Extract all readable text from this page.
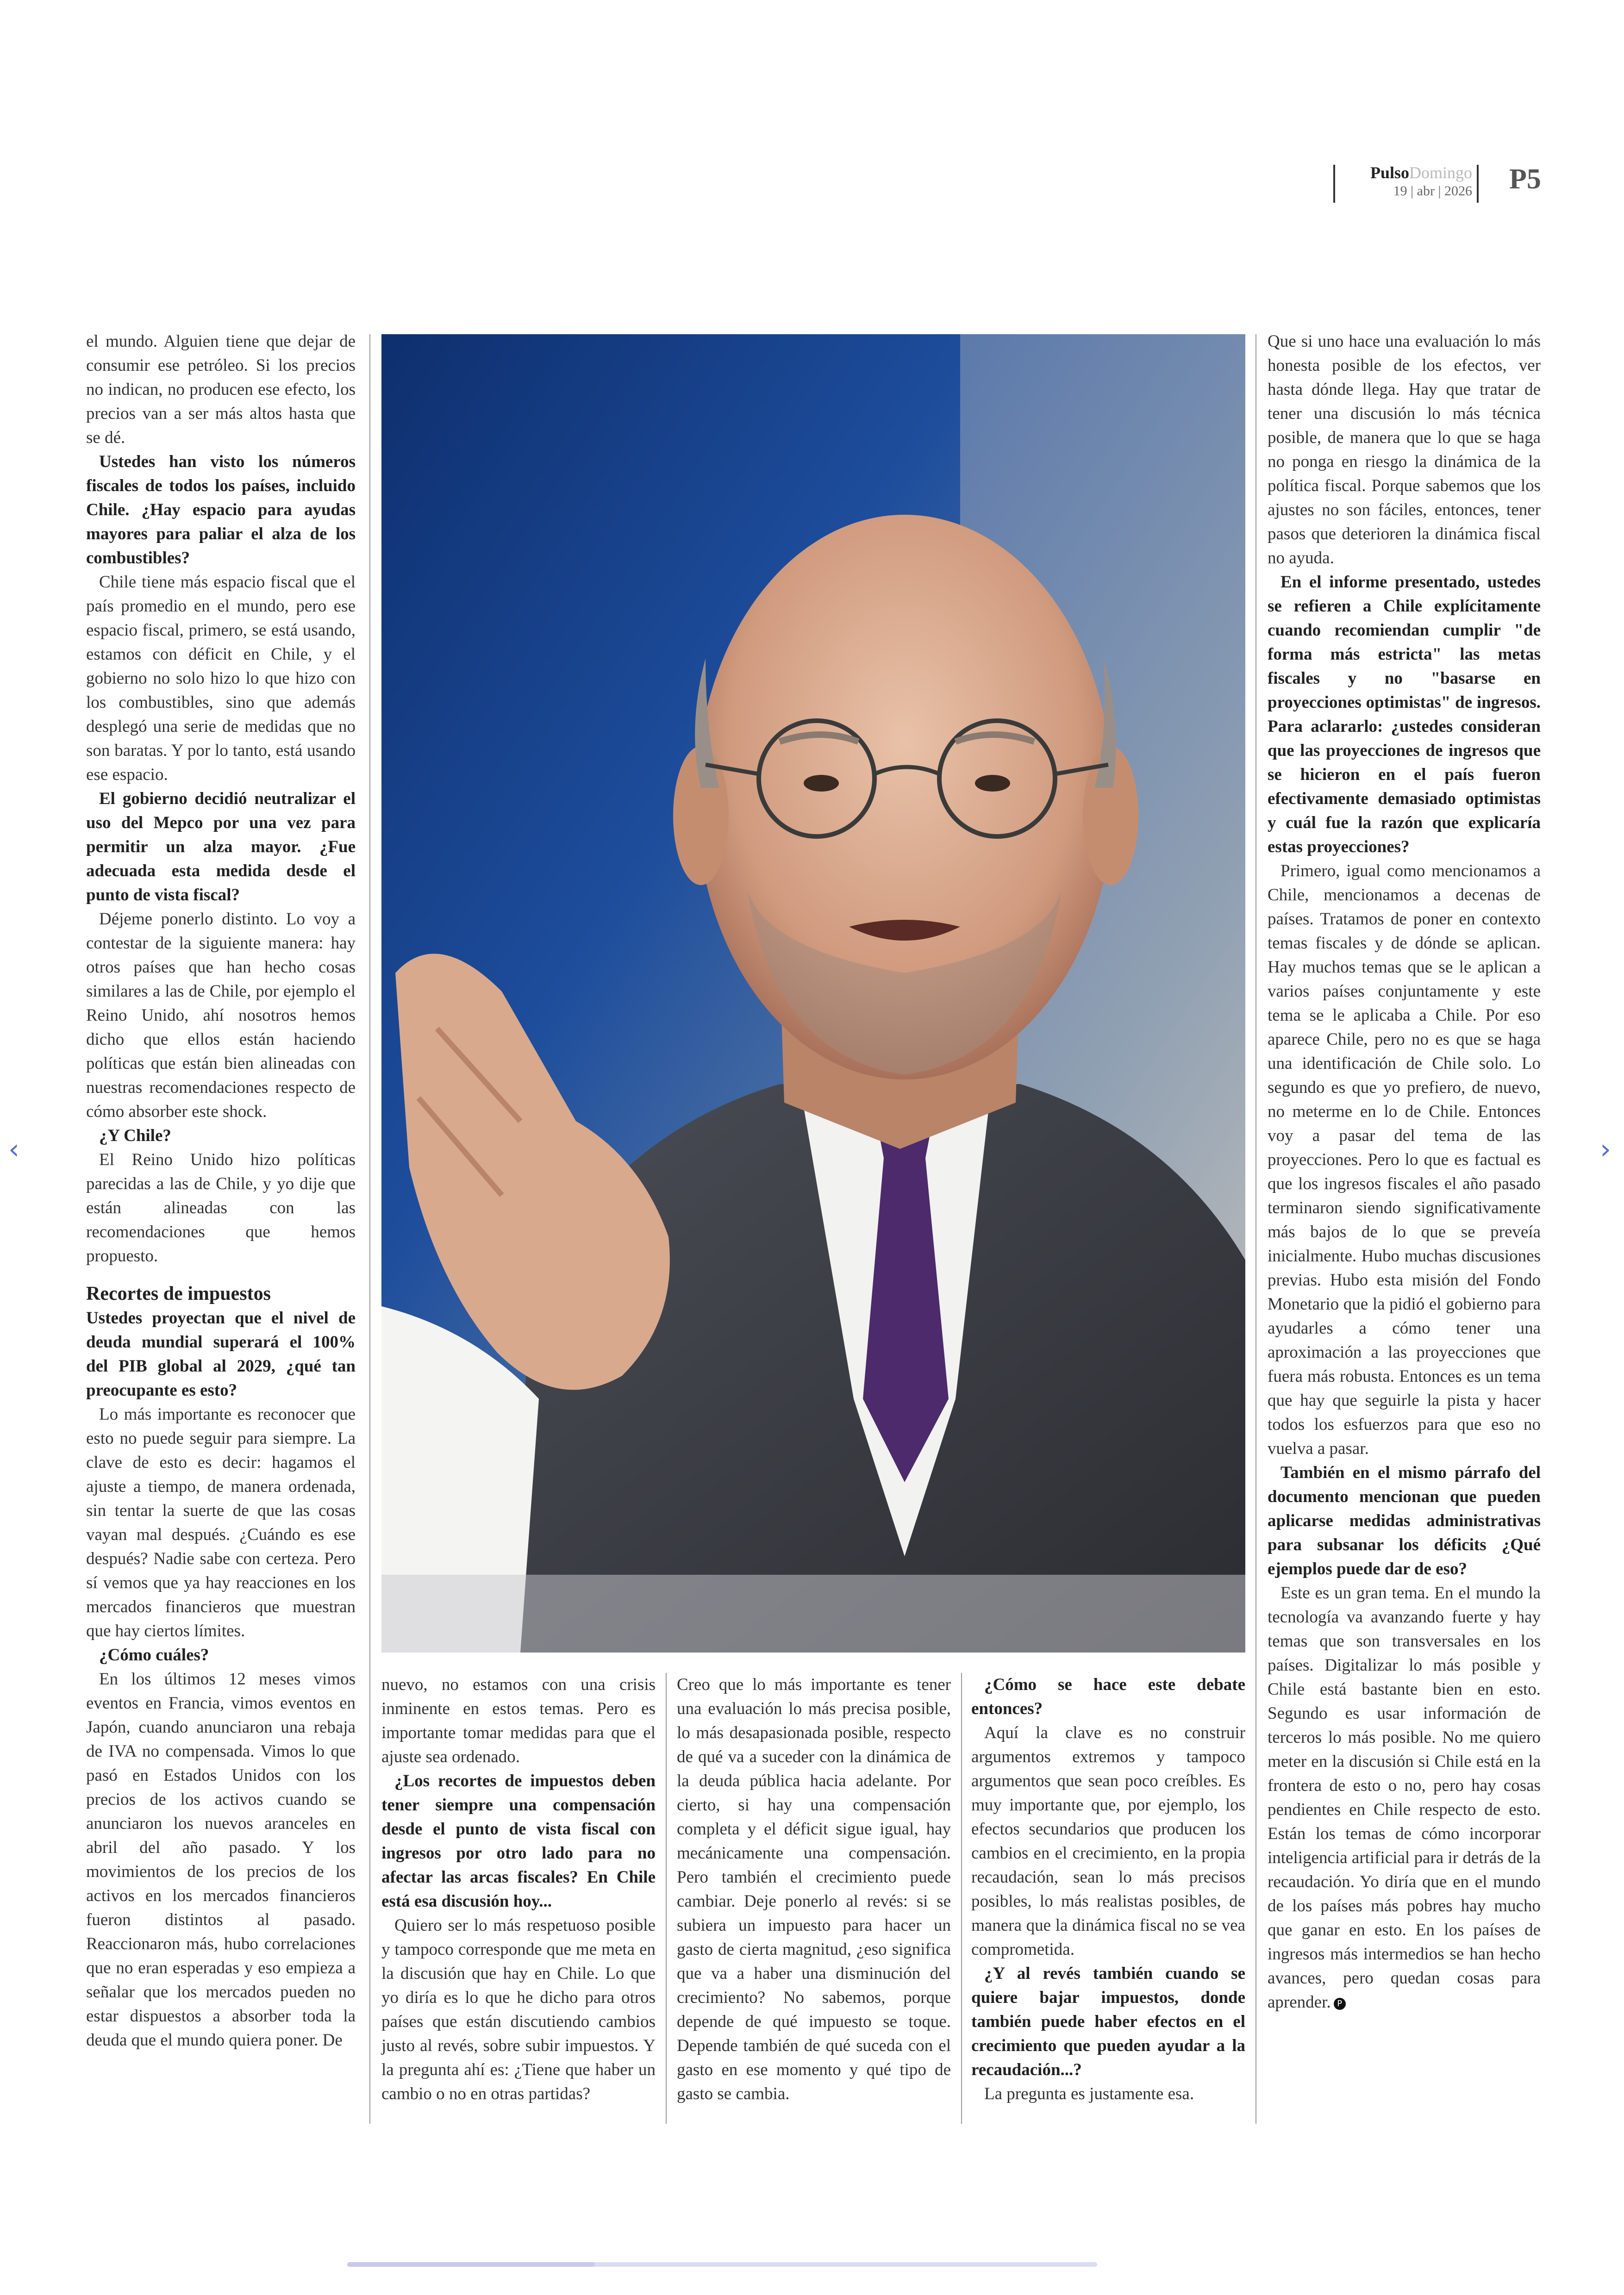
PulsoDomingo
19 | abr | 2026 P5

el mundo. Alguien tiene que dejar de consumir ese petróleo. Si los precios no indican, no producen ese efecto, los precios van a ser más altos hasta que se dé.

Ustedes han visto los números fiscales de todos los países, incluido Chile. ¿Hay espacio para ayudas mayores para paliar el alza de los combustibles?

Chile tiene más espacio fiscal que el país promedio en el mundo, pero ese espacio fiscal, primero, se está usando, estamos con déficit en Chile, y el gobierno no solo hizo lo que hizo con los combustibles, sino que además desplegó una serie de medidas que no son baratas. Y por lo tanto, está usando ese espacio.

El gobierno decidió neutralizar el uso del Mepco por una vez para permitir un alza mayor. ¿Fue adecuada esta medida desde el punto de vista fiscal?

Déjeme ponerlo distinto. Lo voy a contestar de la siguiente manera: hay otros países que han hecho cosas similares a las de Chile, por ejemplo el Reino Unido, ahí nosotros hemos dicho que ellos están haciendo políticas que están bien alineadas con nuestras recomendaciones respecto de cómo absorber este shock.

¿Y Chile?

El Reino Unido hizo políticas parecidas a las de Chile, y yo dije que están alineadas con las recomendaciones que hemos propuesto.

Recortes de impuestos

Ustedes proyectan que el nivel de deuda mundial superará el 100% del PIB global al 2029, ¿qué tan preocupante es esto?

Lo más importante es reconocer que esto no puede seguir para siempre. La clave de esto es decir: hagamos el ajuste a tiempo, de manera ordenada, sin tentar la suerte de que las cosas vayan mal después. ¿Cuándo es ese después? Nadie sabe con certeza. Pero sí vemos que ya hay reacciones en los mercados financieros que muestran que hay ciertos límites.

¿Cómo cuáles?

En los últimos 12 meses vimos eventos en Francia, vimos eventos en Japón, cuando anunciaron una rebaja de IVA no compensada. Vimos lo que pasó en Estados Unidos con los precios de los activos cuando se anunciaron los nuevos aranceles en abril del año pasado. Y los movimientos de los precios de los activos en los mercados financieros fueron distintos al pasado. Reaccionaron más, hubo correlaciones que no eran esperadas y eso empieza a señalar que los mercados pueden no estar dispuestos a absorber toda la deuda que el mundo quiera poner. De

nuevo, no estamos con una crisis inminente en estos temas. Pero es importante tomar medidas para que el ajuste sea ordenado.

¿Los recortes de impuestos deben tener siempre una compensación desde el punto de vista fiscal con ingresos por otro lado para no afectar las arcas fiscales? En Chile está esa discusión hoy...

Quiero ser lo más respetuoso posible y tampoco corresponde que me meta en la discusión que hay en Chile. Lo que yo diría es lo que he dicho para otros países que están discutiendo cambios justo al revés, sobre subir impuestos. Y la pregunta ahí es: ¿Tiene que haber un cambio o no en otras partidas?

Creo que lo más importante es tener una evaluación lo más precisa posible, lo más desapasionada posible, respecto de qué va a suceder con la dinámica de la deuda pública hacia adelante. Por cierto, si hay una compensación completa y el déficit sigue igual, hay mecánicamente una compensación. Pero también el crecimiento puede cambiar. Deje ponerlo al revés: si se subiera un impuesto para hacer un gasto de cierta magnitud, ¿eso significa que va a haber una disminución del crecimiento? No sabemos, porque depende de qué impuesto se toque. Depende también de qué suceda con el gasto en ese momento y qué tipo de gasto se cambia.

¿Cómo se hace este debate entonces?

Aquí la clave es no construir argumentos extremos y tampoco argumentos que sean poco creíbles. Es muy importante que, por ejemplo, los efectos secundarios que producen los cambios en el crecimiento, en la propia recaudación, sean lo más precisos posibles, lo más realistas posibles, de manera que la dinámica fiscal no se vea comprometida.

¿Y al revés también cuando se quiere bajar impuestos, donde también puede haber efectos en el crecimiento que pueden ayudar a la recaudación...?

La pregunta es justamente esa.

Que si uno hace una evaluación lo más honesta posible de los efectos, ver hasta dónde llega. Hay que tratar de tener una discusión lo más técnica posible, de manera que lo que se haga no ponga en riesgo la dinámica de la política fiscal. Porque sabemos que los ajustes no son fáciles, entonces, tener pasos que deterioren la dinámica fiscal no ayuda.

En el informe presentado, ustedes se refieren a Chile explícitamente cuando recomiendan cumplir "de forma más estricta" las metas fiscales y no "basarse en proyecciones optimistas" de ingresos. Para aclararlo: ¿ustedes consideran que las proyecciones de ingresos que se hicieron en el país fueron efectivamente demasiado optimistas y cuál fue la razón que explicaría estas proyecciones?

Primero, igual como mencionamos a Chile, mencionamos a decenas de países. Tratamos de poner en contexto temas fiscales y de dónde se aplican. Hay muchos temas que se le aplican a varios países conjuntamente y este tema se le aplicaba a Chile. Por eso aparece Chile, pero no es que se haga una identificación de Chile solo. Lo segundo es que yo prefiero, de nuevo, no meterme en lo de Chile. Entonces voy a pasar del tema de las proyecciones. Pero lo que es factual es que los ingresos fiscales el año pasado terminaron siendo significativamente más bajos de lo que se preveía inicialmente. Hubo muchas discusiones previas. Hubo esta misión del Fondo Monetario que la pidió el gobierno para ayudarles a cómo tener una aproximación a las proyecciones que fuera más robusta. Entonces es un tema que hay que seguirle la pista y hacer todos los esfuerzos para que eso no vuelva a pasar.

También en el mismo párrafo del documento mencionan que pueden aplicarse medidas administrativas para subsanar los déficits ¿Qué ejemplos puede dar de eso?

Este es un gran tema. En el mundo la tecnología va avanzando fuerte y hay temas que son transversales en los países. Digitalizar lo más posible y Chile está bastante bien en esto. Segundo es usar información de terceros lo más posible. No me quiero meter en la discusión si Chile está en la frontera de esto o no, pero hay cosas pendientes en Chile respecto de esto. Están los temas de cómo incorporar inteligencia artificial para ir detrás de la recaudación. Yo diría que en el mundo de los países más pobres hay mucho que ganar en esto. En los países de ingresos más intermedios se han hecho avances, pero quedan cosas para aprender. P

‹	›
